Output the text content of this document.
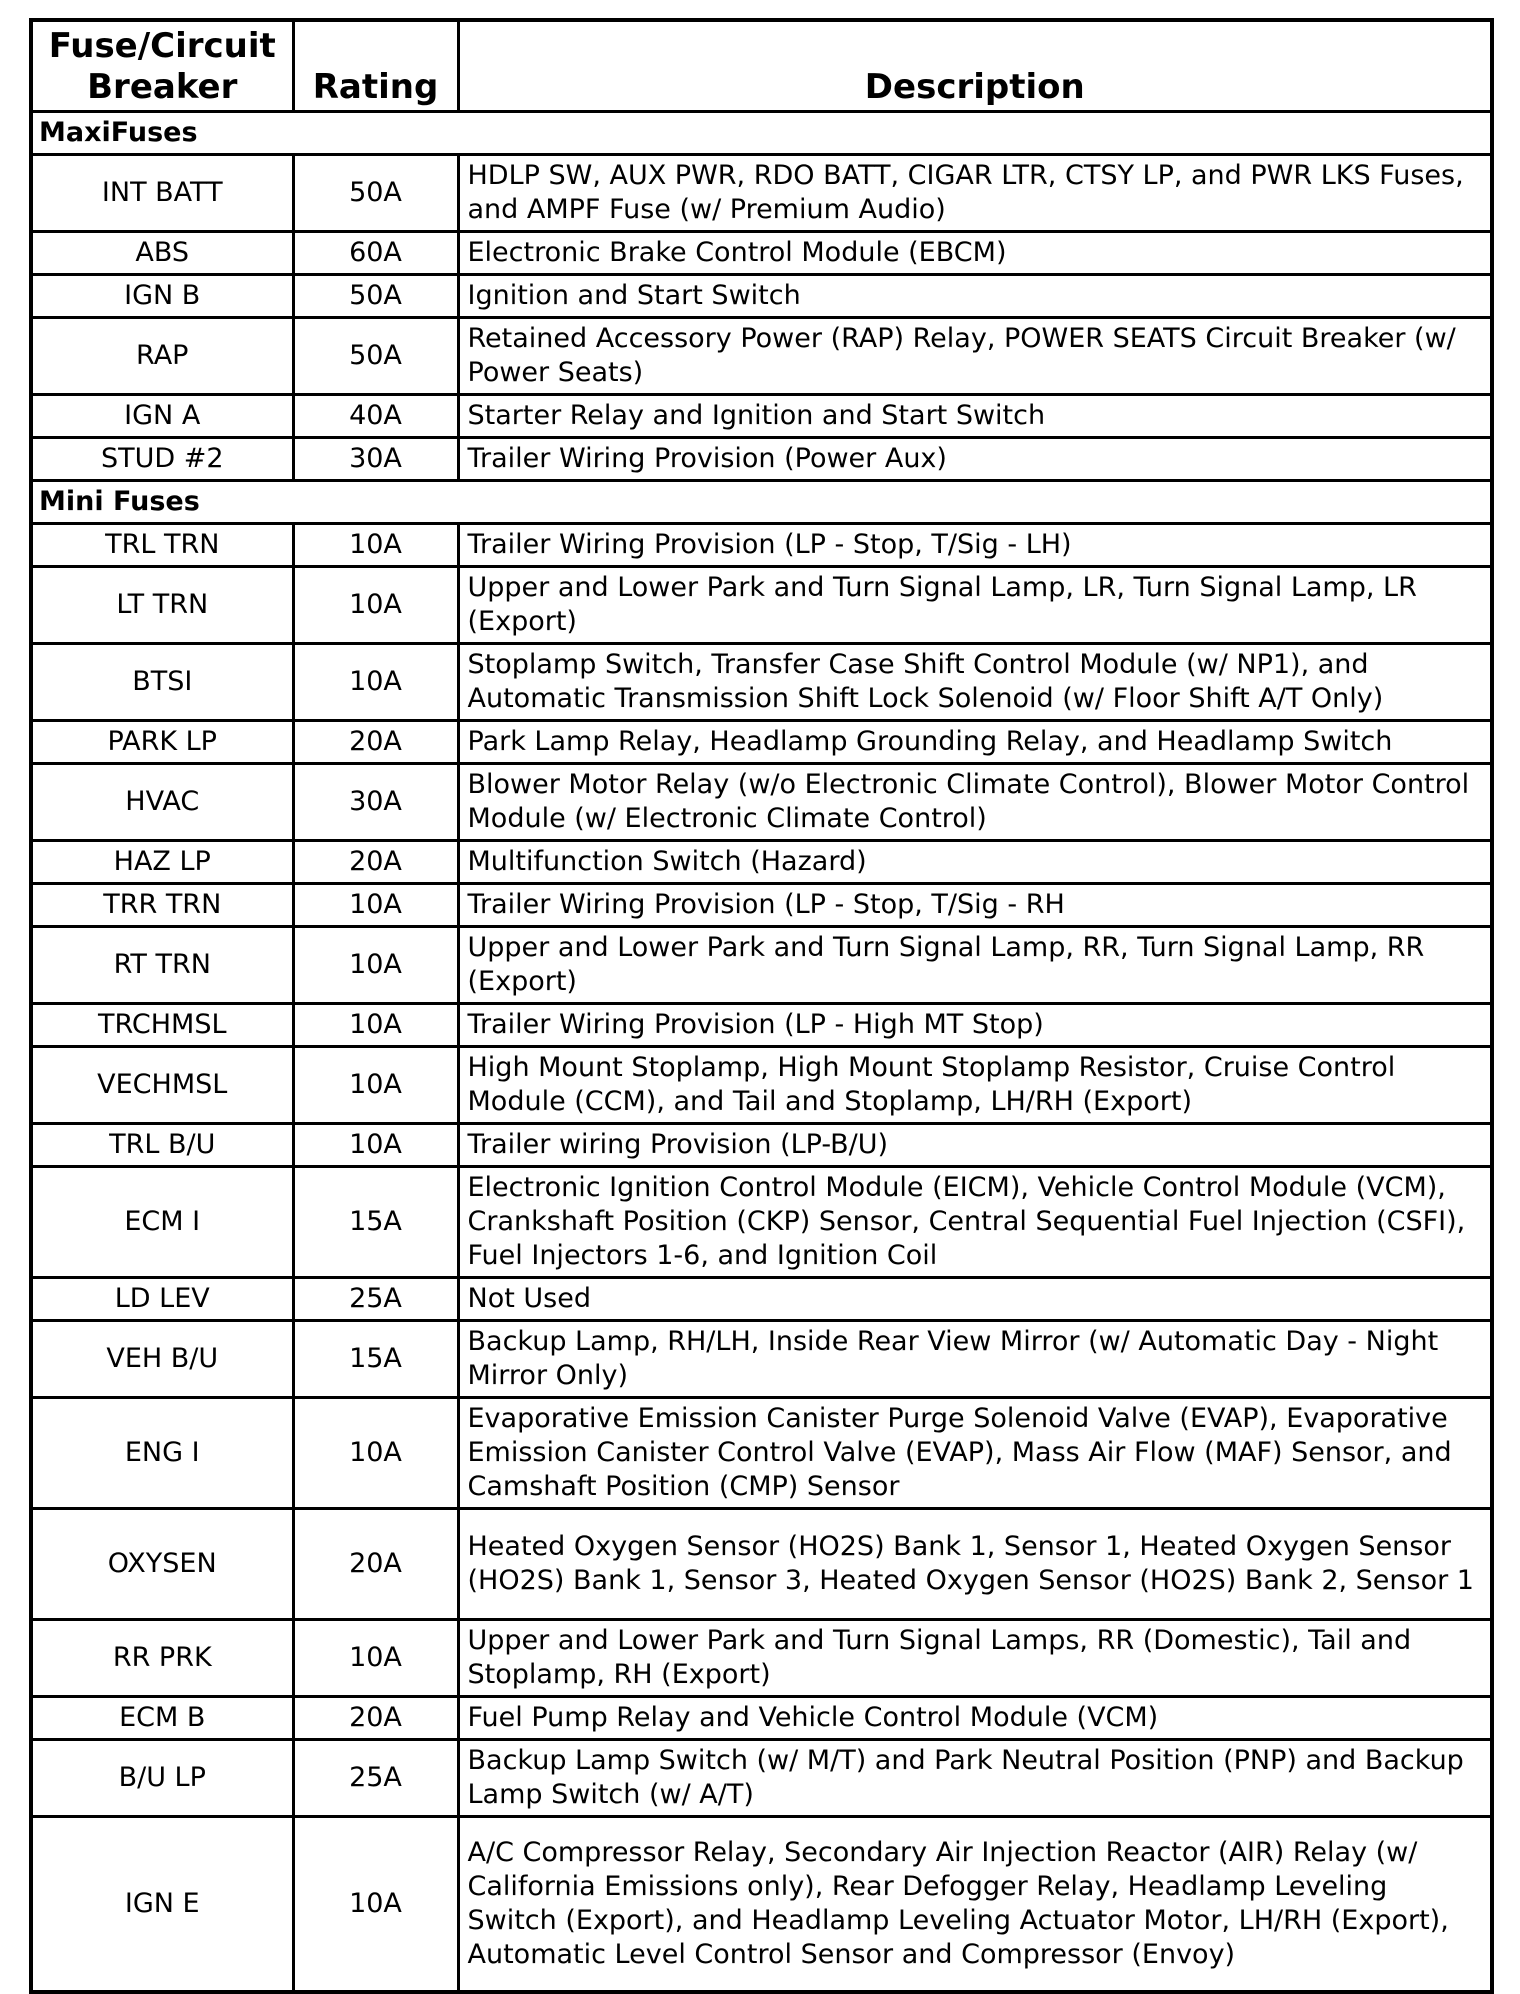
Fuse/Circuit Breaker	Rating	Description
MaxiFuses		
INT BATT	50A	HDLP SW, AUX PWR, RDO BATT, CIGAR LTR, CTSY LP, and PWR LKS Fuses, and AMPF Fuse (w/ Premium Audio)
ABS	60A	Electronic Brake Control Module (EBCM)
IGN B	50A	Ignition and Start Switch
RAP	50A	Retained Accessory Power (RAP) Relay, POWER SEATS Circuit Breaker (w/ Power Seats)
IGN A	40A	Starter Relay and Ignition and Start Switch
STUD #2	30A	Trailer Wiring Provision (Power Aux)
Mini Fuses		
TRL TRN	10A	Trailer Wiring Provision (LP - Stop, T/Sig - LH)
LT TRN	10A	Upper and Lower Park and Turn Signal Lamp, LR, Turn Signal Lamp, LR (Export)
BTSI	10A	Stoplamp Switch, Transfer Case Shift Control Module (w/ NP1), and Automatic Transmission Shift Lock Solenoid (w/ Floor Shift A/T Only)
PARK LP	20A	Park Lamp Relay, Headlamp Grounding Relay, and Headlamp Switch
HVAC	30A	Blower Motor Relay (w/o Electronic Climate Control), Blower Motor Control Module (w/ Electronic Climate Control)
HAZ LP	20A	Multifunction Switch (Hazard)
TRR TRN	10A	Trailer Wiring Provision (LP - Stop, T/Sig - RH
RT TRN	10A	Upper and Lower Park and Turn Signal Lamp, RR, Turn Signal Lamp, RR (Export)
TRCHMSL	10A	Trailer Wiring Provision (LP - High MT Stop)
VECHMSL	10A	High Mount Stoplamp, High Mount Stoplamp Resistor, Cruise Control Module (CCM), and Tail and Stoplamp, LH/RH (Export)
TRL B/U	10A	Trailer wiring Provision (LP-B/U)
ECM I	15A	Electronic Ignition Control Module (EICM), Vehicle Control Module (VCM), Crankshaft Position (CKP) Sensor, Central Sequential Fuel Injection (CSFI), Fuel Injectors 1-6, and Ignition Coil
LD LEV	25A	Not Used
VEH B/U	15A	Backup Lamp, RH/LH, Inside Rear View Mirror (w/ Automatic Day - Night Mirror Only)
ENG I	10A	Evaporative Emission Canister Purge Solenoid Valve (EVAP), Evaporative Emission Canister Control Valve (EVAP), Mass Air Flow (MAF) Sensor, and Camshaft Position (CMP) Sensor
OXYSEN	20A	Heated Oxygen Sensor (HO2S) Bank 1, Sensor 1, Heated Oxygen Sensor (HO2S) Bank 1, Sensor 3, Heated Oxygen Sensor (HO2S) Bank 2, Sensor 1
RR PRK	10A	Upper and Lower Park and Turn Signal Lamps, RR (Domestic), Tail and Stoplamp, RH (Export)
ECM B	20A	Fuel Pump Relay and Vehicle Control Module (VCM)
B/U LP	25A	Backup Lamp Switch (w/ M/T) and Park Neutral Position (PNP) and Backup Lamp Switch (w/ A/T)
IGN E	10A	A/C Compressor Relay, Secondary Air Injection Reactor (AIR) Relay (w/ California Emissions only), Rear Defogger Relay, Headlamp Leveling Switch (Export), and Headlamp Leveling Actuator Motor, LH/RH (Export), Automatic Level Control Sensor and Compressor (Envoy)
